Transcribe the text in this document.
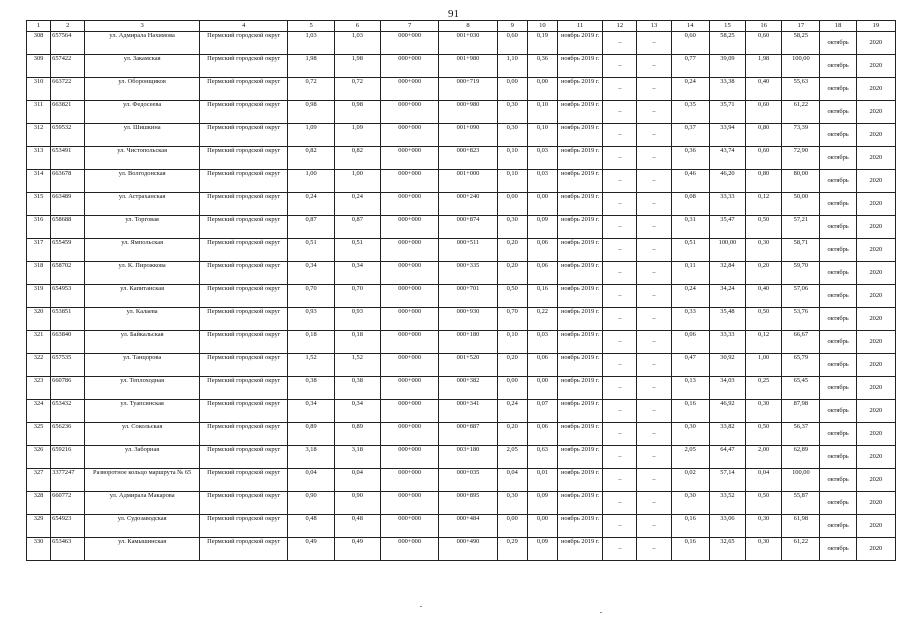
91
1	2	3	4	5	6	7	8	9	10	11	12	13	14	15	16	17	18	19
308	657564	ул. Адмирала Нахимова	Пермский городской округ	1,03	1,03	000+000	001+030	0,60	0,19	ноябрь 2019 г.	–	–	0,60	58,25	0,60	58,25	октябрь	2020
309	657422	ул. Закамская	Пермский городской округ	1,98	1,98	000+000	001+980	1,10	0,36	ноябрь 2019 г.	–	–	0,77	39,09	1,98	100,00	октябрь	2020
310	663722	ул. Оборонщиков	Пермский городской округ	0,72	0,72	000+000	000+719	0,00	0,00	ноябрь 2019 г.	–	–	0,24	33,38	0,40	55,63	октябрь	2020
311	663821	ул. Федосеева	Пермский городской округ	0,98	0,98	000+000	000+980	0,30	0,10	ноябрь 2019 г.	–	–	0,35	35,71	0,60	61,22	октябрь	2020
312	659532	ул. Шишкина	Пермский городской округ	1,09	1,09	000+000	001+090	0,30	0,10	ноябрь 2019 г.	–	–	0,37	33,94	0,80	73,39	октябрь	2020
313	653491	ул. Чистопольская	Пермский городской округ	0,82	0,82	000+000	000+823	0,10	0,03	ноябрь 2019 г.	–	–	0,36	43,74	0,60	72,90	октябрь	2020
314	663678	ул. Волгодонская	Пермский городской округ	1,00	1,00	000+000	001+000	0,10	0,03	ноябрь 2019 г.	–	–	0,46	46,20	0,80	80,00	октябрь	2020
315	663489	ул. Астраханская	Пермский городской округ	0,24	0,24	000+000	000+240	0,00	0,00	ноябрь 2019 г.	–	–	0,08	33,33	0,12	50,00	октябрь	2020
316	658688	ул. Торговая	Пермский городской округ	0,87	0,87	000+000	000+874	0,30	0,09	ноябрь 2019 г.	–	–	0,31	35,47	0,50	57,21	октябрь	2020
317	655459	ул. Ямпольская	Пермский городской округ	0,51	0,51	000+000	000+511	0,20	0,06	ноябрь 2019 г.	–	–	0,51	100,00	0,30	58,71	октябрь	2020
318	658702	ул. К. Пирожкова	Пермский городской округ	0,34	0,34	000+000	000+335	0,20	0,06	ноябрь 2019 г.	–	–	0,11	32,84	0,20	59,70	октябрь	2020
319	654953	ул. Капитанская	Пермский городской округ	0,70	0,70	000+000	000+701	0,50	0,16	ноябрь 2019 г.	–	–	0,24	34,24	0,40	57,06	октябрь	2020
320	653851	ул. Калаева	Пермский городской округ	0,93	0,93	000+000	000+930	0,70	0,22	ноябрь 2019 г.	–	–	0,33	35,48	0,50	53,76	октябрь	2020
321	663840	ул. Байкальская	Пермский городской округ	0,18	0,18	000+000	000+180	0,10	0,03	ноябрь 2019 г.	–	–	0,06	33,33	0,12	66,67	октябрь	2020
322	657535	ул. Танцорова	Пермский городской округ	1,52	1,52	000+000	001+520	0,20	0,06	ноябрь 2019 г.	–	–	0,47	30,92	1,00	65,79	октябрь	2020
323	660786	ул. Теплоходная	Пермский городской округ	0,38	0,38	000+000	000+382	0,00	0,00	ноябрь 2019 г.	–	–	0,13	34,03	0,25	65,45	октябрь	2020
324	653432	ул. Туапсинская	Пермский городской округ	0,34	0,34	000+000	000+341	0,24	0,07	ноябрь 2019 г.	–	–	0,16	46,92	0,30	87,98	октябрь	2020
325	656236	ул. Сокольская	Пермский городской округ	0,89	0,89	000+000	000+887	0,20	0,06	ноябрь 2019 г.	–	–	0,30	33,82	0,50	56,37	октябрь	2020
326	659216	ул. Заборная	Пермский городской округ	3,18	3,18	000+000	003+180	2,05	0,63	ноябрь 2019 г.	–	–	2,05	64,47	2,00	62,89	октябрь	2020
327	3377247	Разворотное кольцо маршрута № 65	Пермский городской округ	0,04	0,04	000+000	000+035	0,04	0,01	ноябрь 2019 г.	–	–	0,02	57,14	0,04	100,00	октябрь	2020
328	660772	ул. Адмирала Макарова	Пермский городской округ	0,90	0,90	000+000	000+895	0,30	0,09	ноябрь 2019 г.	–	–	0,30	33,52	0,50	55,87	октябрь	2020
329	654923	ул. Судозаводская	Пермский городской округ	0,48	0,48	000+000	000+484	0,00	0,00	ноябрь 2019 г.	–	–	0,16	33,06	0,30	61,98	октябрь	2020
330	653463	ул. Камышинская	Пермский городской округ	0,49	0,49	000+000	000+490	0,29	0,09	ноябрь 2019 г.	–	–	0,16	32,65	0,30	61,22	октябрь	2020
